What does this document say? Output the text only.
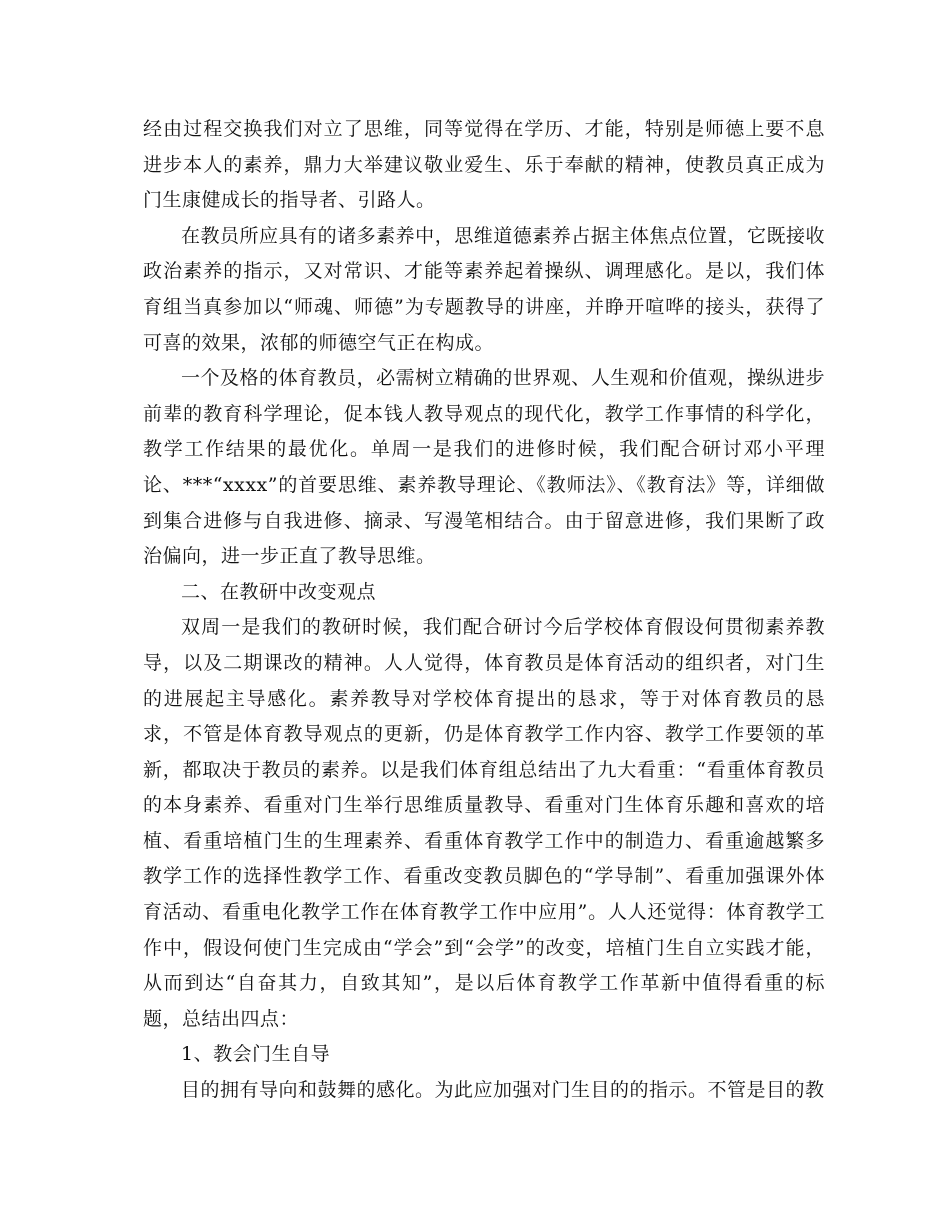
经由过程交换我们对立了思维，同等觉得在学历、才能，特别是师德上要不息进步本人的素养，鼎力大举建议敬业爱生、乐于奉献的精神，使教员真正成为门生康健成长的指导者、引路人。

在教员所应具有的诸多素养中，思维道德素养占据主体焦点位置，它既接收政治素养的指示，又对常识、才能等素养起着操纵、调理感化。是以，我们体育组当真参加以“师魂、师德”为专题教导的讲座，并睁开喧哗的接头，获得了可喜的效果，浓郁的师德空气正在构成。

一个及格的体育教员，必需树立精确的世界观、人生观和价值观，操纵进步前辈的教育科学理论，促本钱人教导观点的现代化，教学工作事情的科学化，教学工作结果的最优化。单周一是我们的进修时候，我们配合研讨邓小平理论、***“xxxx”的首要思维、素养教导理论、《教师法》、《教育法》等，详细做到集合进修与自我进修、摘录、写漫笔相结合。由于留意进修，我们果断了政治偏向，进一步正直了教导思维。

二、在教研中改变观点

双周一是我们的教研时候，我们配合研讨今后学校体育假设何贯彻素养教导，以及二期课改的精神。人人觉得，体育教员是体育活动的组织者，对门生的进展起主导感化。素养教导对学校体育提出的恳求，等于对体育教员的恳求，不管是体育教导观点的更新，仍是体育教学工作内容、教学工作要领的革新，都取决于教员的素养。以是我们体育组总结出了九大看重：“看重体育教员的本身素养、看重对门生举行思维质量教导、看重对门生体育乐趣和喜欢的培植、看重培植门生的生理素养、看重体育教学工作中的制造力、看重逾越繁多教学工作的选择性教学工作、看重改变教员脚色的“学导制”、看重加强课外体育活动、看重电化教学工作在体育教学工作中应用”。人人还觉得：体育教学工作中，假设何使门生完成由“学会”到“会学”的改变，培植门生自立实践才能，从而到达“自奋其力，自致其知”，是以后体育教学工作革新中值得看重的标题，总结出四点：

1、教会门生自导

目的拥有导向和鼓舞的感化。为此应加强对门生目的的指示。不管是目的教
